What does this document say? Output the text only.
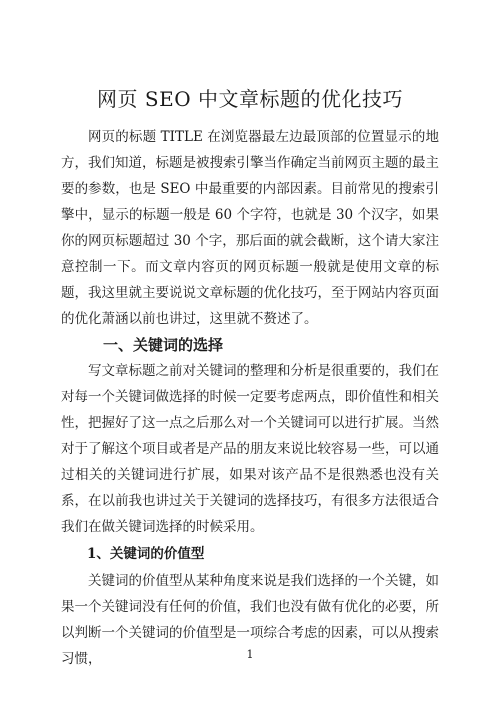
网页 SEO 中文章标题的优化技巧

网页的标题 TITLE 在浏览器最左边最顶部的位置显示的地方，我们知道，标题是被搜索引擎当作确定当前网页主题的最主要的参数，也是 SEO 中最重要的内部因素。目前常见的搜索引擎中，显示的标题一般是 60 个字符，也就是 30 个汉字，如果你的网页标题超过 30 个字，那后面的就会截断，这个请大家注意控制一下。而文章内容页的网页标题一般就是使用文章的标题，我这里就主要说说文章标题的优化技巧，至于网站内容页面的优化萧涵以前也讲过，这里就不赘述了。

一、关键词的选择

写文章标题之前对关键词的整理和分析是很重要的，我们在对每一个关键词做选择的时候一定要考虑两点，即价值性和相关性，把握好了这一点之后那么对一个关键词可以进行扩展。当然对于了解这个项目或者是产品的朋友来说比较容易一些，可以通过相关的关键词进行扩展，如果对该产品不是很熟悉也没有关系，在以前我也讲过关于关键词的选择技巧，有很多方法很适合我们在做关键词选择的时候采用。

1、关键词的价值型

关键词的价值型从某种角度来说是我们选择的一个关键，如果一个关键词没有任何的价值，我们也没有做有优化的必要，所以判断一个关键词的价值型是一项综合考虑的因素，可以从搜索习惯，	1
